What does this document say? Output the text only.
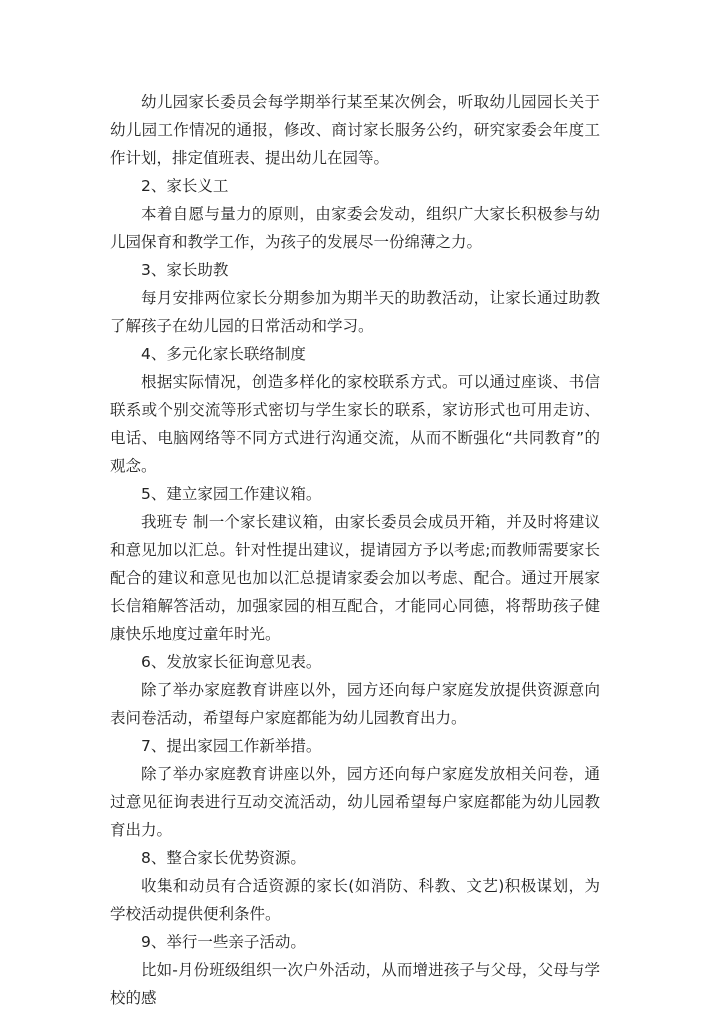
幼儿园家长委员会每学期举行某至某次例会，听取幼儿园园长关于幼儿园工作情况的通报，修改、商讨家长服务公约，研究家委会年度工作计划，排定值班表、提出幼儿在园等。

2、家长义工

本着自愿与量力的原则，由家委会发动，组织广大家长积极参与幼儿园保育和教学工作，为孩子的发展尽一份绵薄之力。

3、家长助教

每月安排两位家长分期参加为期半天的助教活动，让家长通过助教了解孩子在幼儿园的日常活动和学习。

4、多元化家长联络制度

根据实际情况，创造多样化的家校联系方式。可以通过座谈、书信联系或个别交流等形式密切与学生家长的联系，家访形式也可用走访、电话、电脑网络等不同方式进行沟通交流，从而不断强化“共同教育”的观念。

5、建立家园工作建议箱。

我班专 制一个家长建议箱，由家长委员会成员开箱，并及时将建议和意见加以汇总。针对性提出建议，提请园方予以考虑;而教师需要家长配合的建议和意见也加以汇总提请家委会加以考虑、配合。通过开展家长信箱解答活动，加强家园的相互配合，才能同心同德，将帮助孩子健康快乐地度过童年时光。

6、发放家长征询意见表。

除了举办家庭教育讲座以外，园方还向每户家庭发放提供资源意向表问卷活动，希望每户家庭都能为幼儿园教育出力。

7、提出家园工作新举措。

除了举办家庭教育讲座以外，园方还向每户家庭发放相关问卷，通过意见征询表进行互动交流活动，幼儿园希望每户家庭都能为幼儿园教育出力。

8、整合家长优势资源。

收集和动员有合适资源的家长(如消防、科教、文艺)积极谋划，为学校活动提供便利条件。

9、举行一些亲子活动。

比如-月份班级组织一次户外活动，从而增进孩子与父母，父母与学校的感
